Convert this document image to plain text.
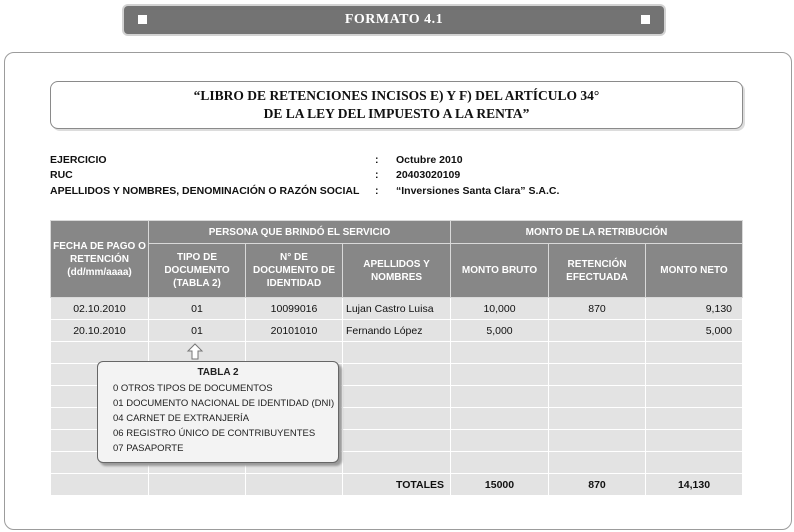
FORMATO 4.1
“LIBRO DE RETENCIONES INCISOS E) Y F) DEL ARTÍCULO 34°
DE LA LEY DEL IMPUESTO A LA RENTA”
EJERCICIO	: Octubre 2010
RUC	: 20403020109
APELLIDOS Y NOMBRES, DENOMINACIÓN O RAZÓN SOCIAL : “Inversiones Santa Clara” S.A.C.
FECHA DE PAGO O RETENCIÓN (dd/mm/aaaa)	PERSONA QUE BRINDÓ EL SERVICIO			MONTO DE LA RETRIBUCIÓN		
	TIPO DE DOCUMENTO (TABLA 2)	N° DE DOCUMENTO DE IDENTIDAD	APELLIDOS Y NOMBRES	MONTO BRUTO	RETENCIÓN EFECTUADA	MONTO NETO
02.10.2010	01	10099016	Lujan Castro Luisa	10,000	870	9,130
20.10.2010	01	20101010	Fernando López	5,000		5,000

			TOTALES	15000	870	14,130
TABLA 2
0 OTROS TIPOS DE DOCUMENTOS
01 DOCUMENTO NACIONAL DE IDENTIDAD (DNI)
04 CARNET DE EXTRANJERÍA
06 REGISTRO ÚNICO DE CONTRIBUYENTES
07 PASAPORTE
